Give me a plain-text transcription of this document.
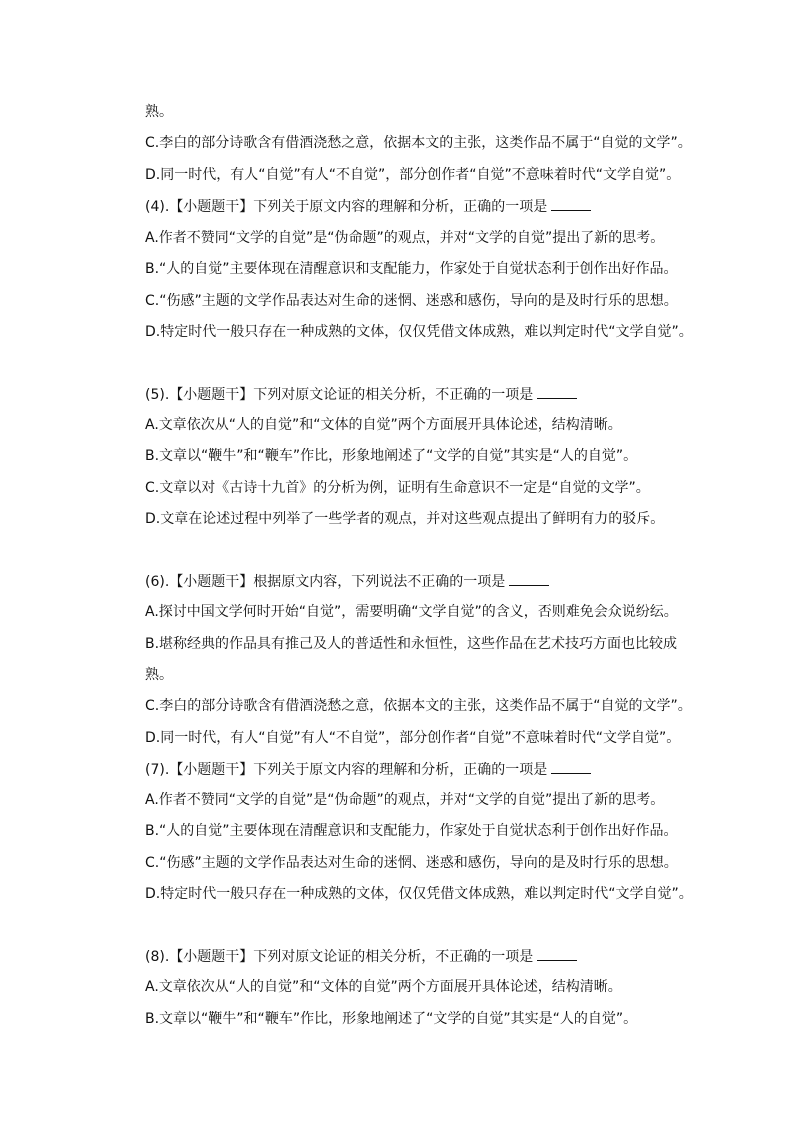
熟。
C.李白的部分诗歌含有借酒浇愁之意，依据本文的主张，这类作品不属于“自觉的文学”。
D.同一时代，有人“自觉”有人“不自觉”，部分创作者“自觉”不意味着时代“文学自觉”。
(4).【小题题干】下列关于原文内容的理解和分析，正确的一项是
A.作者不赞同“文学的自觉”是“伪命题”的观点，并对“文学的自觉”提出了新的思考。
B.“人的自觉”主要体现在清醒意识和支配能力，作家处于自觉状态利于创作出好作品。
C.“伤感”主题的文学作品表达对生命的迷惘、迷惑和感伤，导向的是及时行乐的思想。
D.特定时代一般只存在一种成熟的文体，仅仅凭借文体成熟，难以判定时代“文学自觉”。
(5).【小题题干】下列对原文论证的相关分析，不正确的一项是
A.文章依次从“人的自觉”和“文体的自觉”两个方面展开具体论述，结构清晰。
B.文章以“鞭牛”和“鞭车”作比，形象地阐述了“文学的自觉”其实是“人的自觉”。
C.文章以对《古诗十九首》的分析为例，证明有生命意识不一定是“自觉的文学”。
D.文章在论述过程中列举了一些学者的观点，并对这些观点提出了鲜明有力的驳斥。
(6).【小题题干】根据原文内容，下列说法不正确的一项是
A.探讨中国文学何时开始“自觉”，需要明确“文学自觉”的含义，否则难免会众说纷纭。
B.堪称经典的作品具有推己及人的普适性和永恒性，这些作品在艺术技巧方面也比较成
熟。
C.李白的部分诗歌含有借酒浇愁之意，依据本文的主张，这类作品不属于“自觉的文学”。
D.同一时代，有人“自觉”有人“不自觉”，部分创作者“自觉”不意味着时代“文学自觉”。
(7).【小题题干】下列关于原文内容的理解和分析，正确的一项是
A.作者不赞同“文学的自觉”是“伪命题”的观点，并对“文学的自觉”提出了新的思考。
B.“人的自觉”主要体现在清醒意识和支配能力，作家处于自觉状态利于创作出好作品。
C.“伤感”主题的文学作品表达对生命的迷惘、迷惑和感伤，导向的是及时行乐的思想。
D.特定时代一般只存在一种成熟的文体，仅仅凭借文体成熟，难以判定时代“文学自觉”。
(8).【小题题干】下列对原文论证的相关分析，不正确的一项是
A.文章依次从“人的自觉”和“文体的自觉”两个方面展开具体论述，结构清晰。
B.文章以“鞭牛”和“鞭车”作比，形象地阐述了“文学的自觉”其实是“人的自觉”。
